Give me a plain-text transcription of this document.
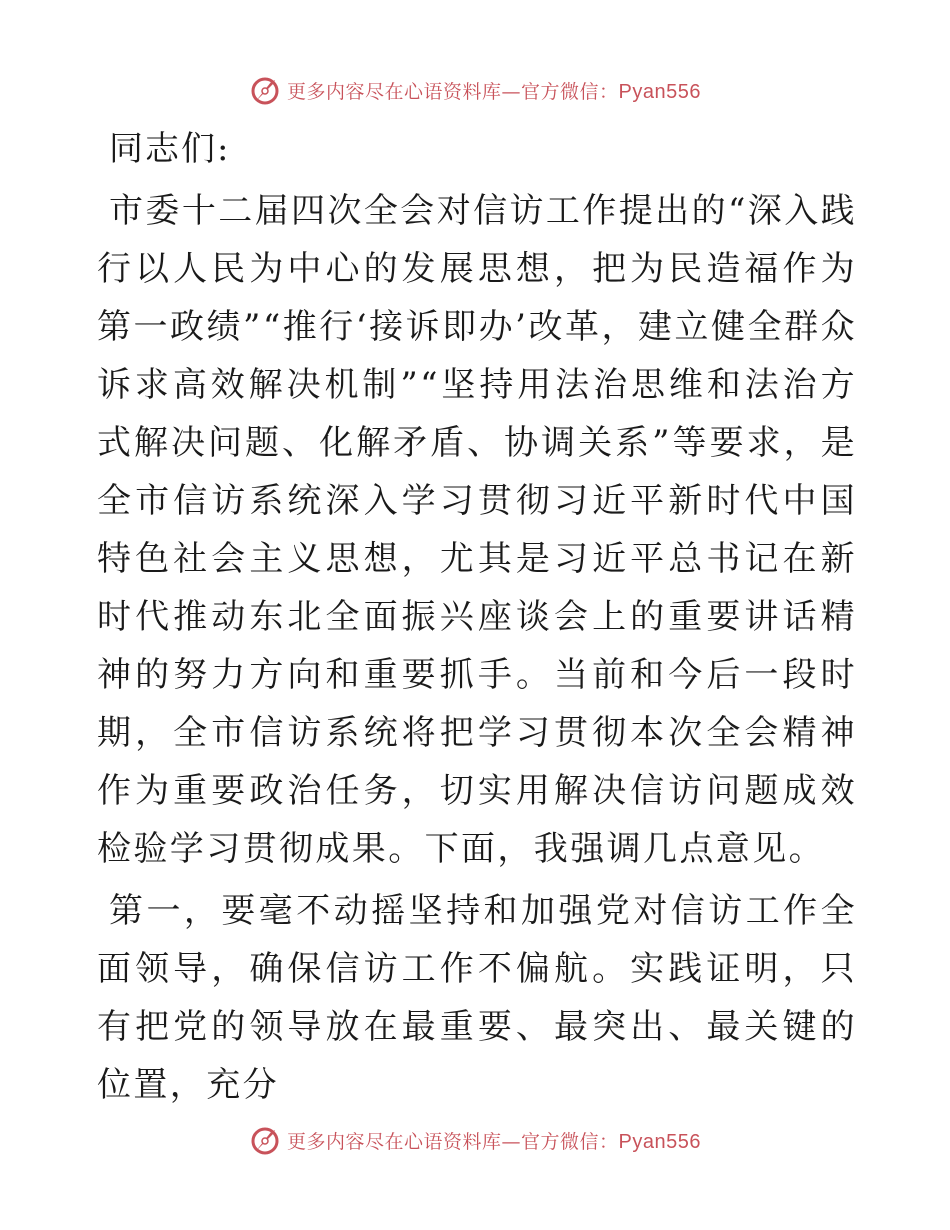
更多内容尽在心语资料库—官方微信：Pyan556

同志们:

市委十二届四次全会对信访工作提出的“深入践行以人民为中心的发展思想，把为民造福作为第一政绩”“推行‘接诉即办’改革，建立健全群众诉求高效解决机制”“坚持用法治思维和法治方式解决问题、化解矛盾、协调关系”等要求，是全市信访系统深入学习贯彻习近平新时代中国特色社会主义思想，尤其是习近平总书记在新时代推动东北全面振兴座谈会上的重要讲话精神的努力方向和重要抓手。当前和今后一段时期，全市信访系统将把学习贯彻本次全会精神作为重要政治任务，切实用解决信访问题成效检验学习贯彻成果。下面，我强调几点意见。

第一，要毫不动摇坚持和加强党对信访工作全面领导，确保信访工作不偏航。实践证明，只有把党的领导放在最重要、最突出、最关键的位置，充分

更多内容尽在心语资料库—官方微信：Pyan556
